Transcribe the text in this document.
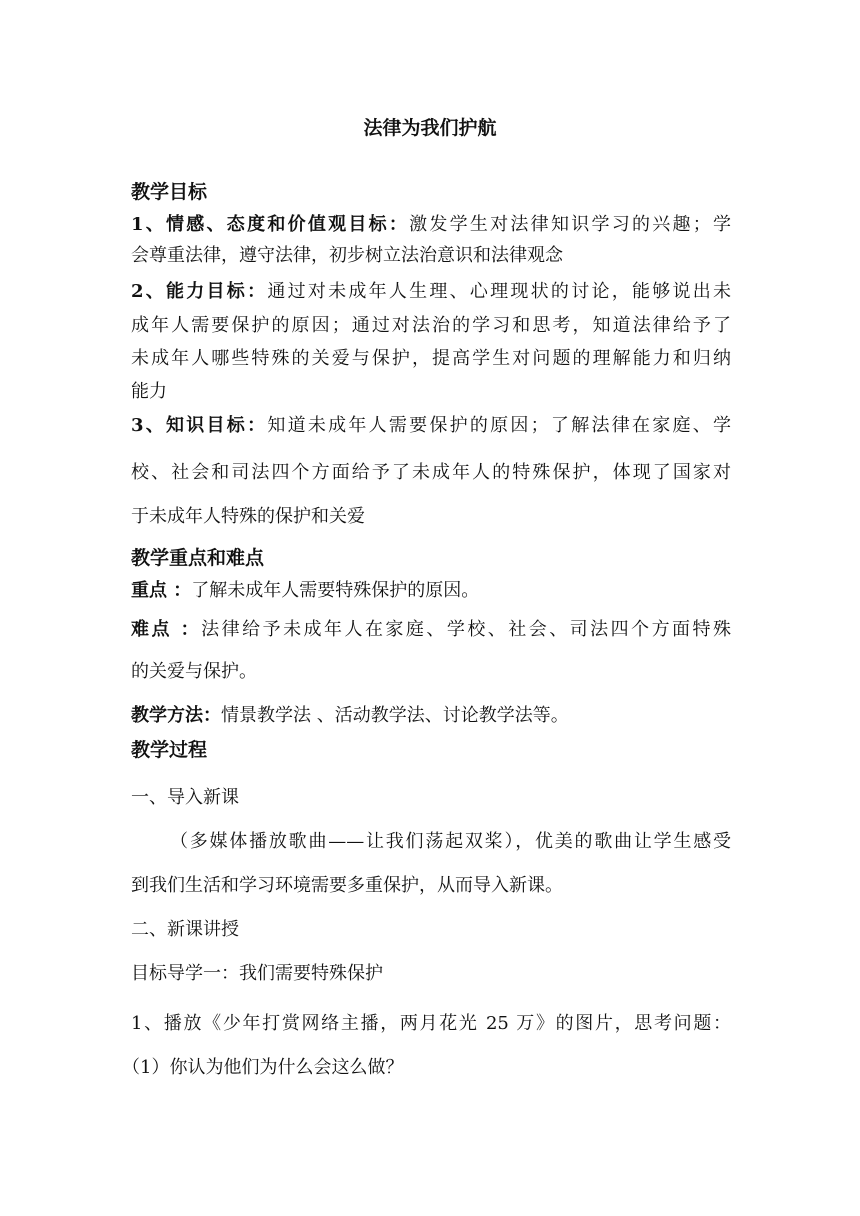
法律为我们护航
教学目标
1、情感、态度和价值观目标：激发学生对法律知识学习的兴趣；学
会尊重法律，遵守法律，初步树立法治意识和法律观念
2、能力目标：通过对未成年人生理、心理现状的讨论，能够说出未
成年人需要保护的原因；通过对法治的学习和思考，知道法律给予了
未成年人哪些特殊的关爱与保护，提高学生对问题的理解能力和归纳
能力
3、知识目标：知道未成年人需要保护的原因；了解法律在家庭、学
校、社会和司法四个方面给予了未成年人的特殊保护，体现了国家对
于未成年人特殊的保护和关爱
教学重点和难点
重点 ：了解未成年人需要特殊保护的原因。
难点 ：法律给予未成年人在家庭、学校、社会、司法四个方面特殊
的关爱与保护。
教学方法：情景教学法 、活动教学法、讨论教学法等。
教学过程
一、导入新课
（多媒体播放歌曲——让我们荡起双桨），优美的歌曲让学生感受
到我们生活和学习环境需要多重保护，从而导入新课。
二、新课讲授
目标导学一：我们需要特殊保护
1、播放《少年打赏网络主播，两月花光 25 万》的图片，思考问题：
（1）你认为他们为什么会这么做？
